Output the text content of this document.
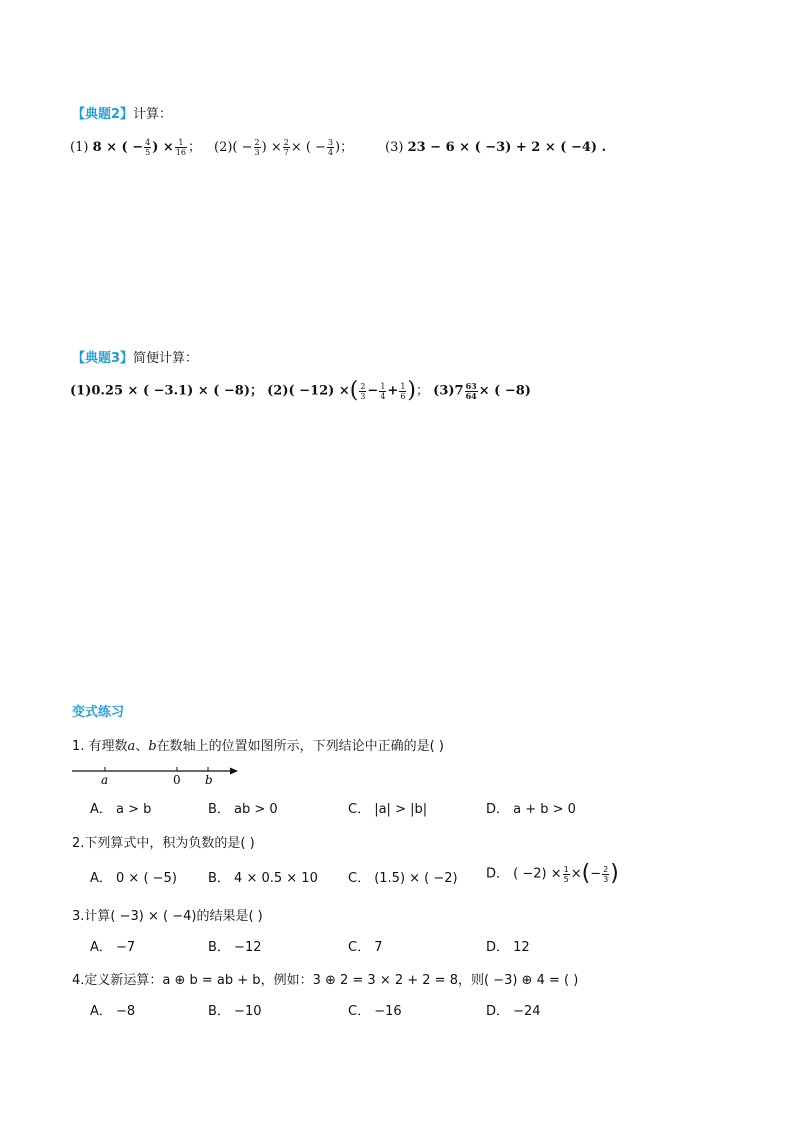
【典题2】计算：
(1) 8 × ( − $\frac{4}{5}$ ) × $\frac{1}{16}$ ； $(2)( - \frac{2}{3}$ ) × $\frac{2}{7}$ × ( − $\frac{3}{4}$ )； (3) 23 − 6 × ( −3) + 2 × ( −4) .
【典题3】简便计算：
(1)0.25 × ( −3.1) × ( −8)； (2)( −12) ×( $\frac{2}{3} - \frac{1}{4} + \frac{1}{6}$ )； $(3)7 \frac{63}{64}$ × ( −8)
变式练习
1. 有理数a、b在数轴上的位置如图所示，下列结论中正确的是( )
a	0 b
A． a > b	B． ab > 0	C． |a| > |b|	D． a + b > 0
2.下列算式中，积为负数的是( )
A． 0 × ( −5) B． 4 × 0.5 × 10 C． (1.5) × ( −2) D． ( $-2) \times \frac{1}{5}$ ×(− $\frac{2}{3}$ )
3.计算( −3) × ( −4)的结果是( )
A． −7	B． −12	C． 7	D． 12
4.定义新运算：a ⊕ b = ab + b，例如：3 ⊕ 2 = 3 × 2 + 2 = 8，则( −3) ⊕ 4 = ( )
A． −8	B． −10	C． −16	D． −24
